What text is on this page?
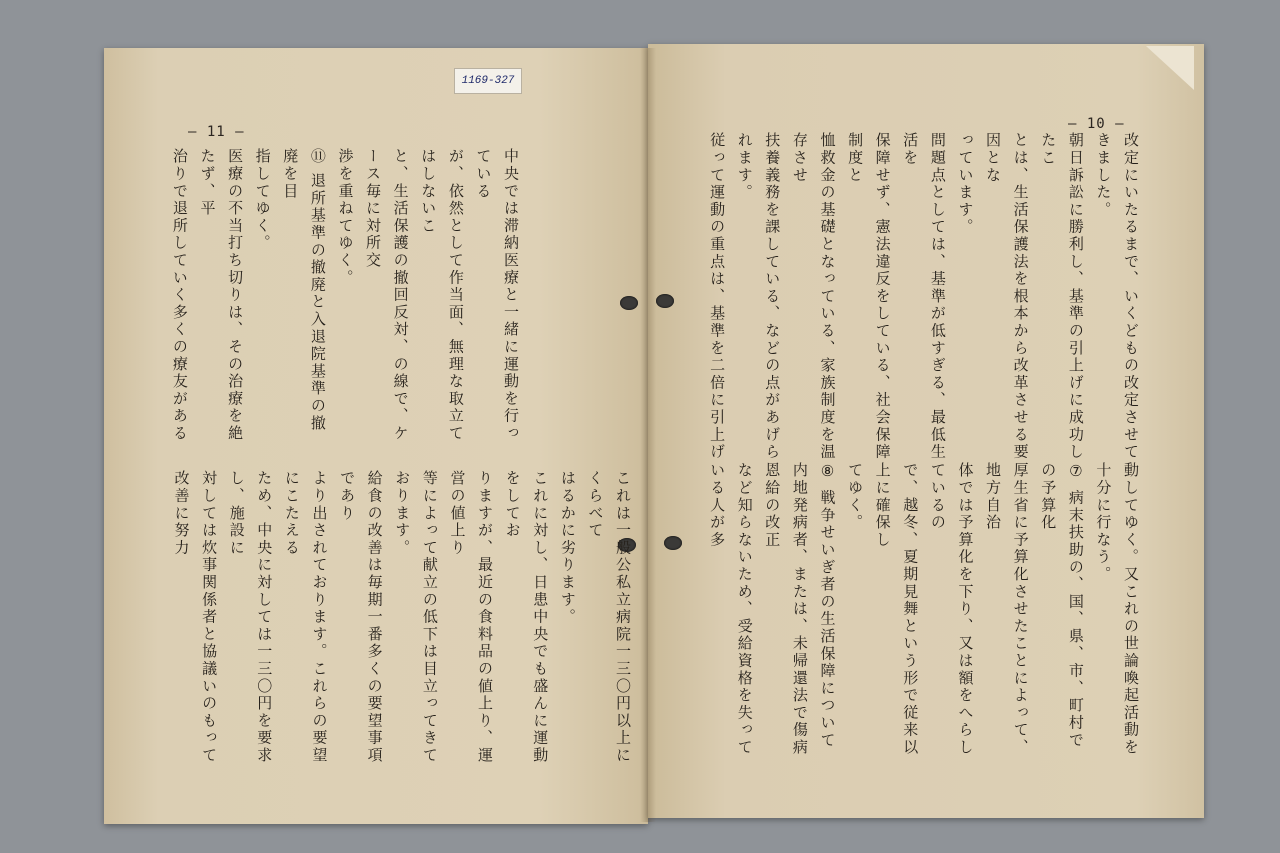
1169-327
— 11 —	— 10 —

中央では滞納医療と一緒に運動を行っている

が、依然として作当面、無理な取立てはしないこ

と、生活保護の撤回反対、の線で、ケース毎に対所交

渉を重ねてゆく。

⑪ 退所基準の撤廃と入退院基準の撤廃を目

指してゆく。

医療の不当打ち切りは、その治療を絶たず、平

治りで退所していく多くの療友がある

これは一般公私立病院一三〇円以上にくらべて

はるかに劣ります。

これに対し、日患中央でも盛んに運動をしてお

りますが、最近の食料品の値上り、運営の値上り

等によって献立の低下は目立ってきております。

給食の改善は毎期一番多くの要望事項であり

より出されております。これらの要望にこたえる

ため、中央に対しては一三〇円を要求し、施設に

対しては炊事関係者と協議いのもって改善に努力

改定にいたるまで、いくどもの改定させてきました。

朝日訴訟に勝利し、基準の引上げに成功したこ

とは、生活保護法を根本から改革させる要因とな

っています。

問題点としては、基準が低すぎる、最低生活を

保障せず、憲法違反をしている、社会保障制度と

恤救金の基礎となっている、家族制度を温存させ

扶養義務を課している、などの点があげられます。

従って運動の重点は、基準を二倍に引上げ

動してゆく。又これの世論喚起活動を十分に行なう。

⑦ 病末扶助の、国、県、市、町村での予算化

厚生省に予算化させたことによって、地方自治

体では予算化を下り、又は額をへらしているの

で、越冬、夏期見舞という形で従来以上に確保し

てゆく。

⑧ 戦争せいぎ者の生活保障について

内地発病者、または、未帰還法で傷病恩給の改正

など知らないため、受給資格を失っている人が多
